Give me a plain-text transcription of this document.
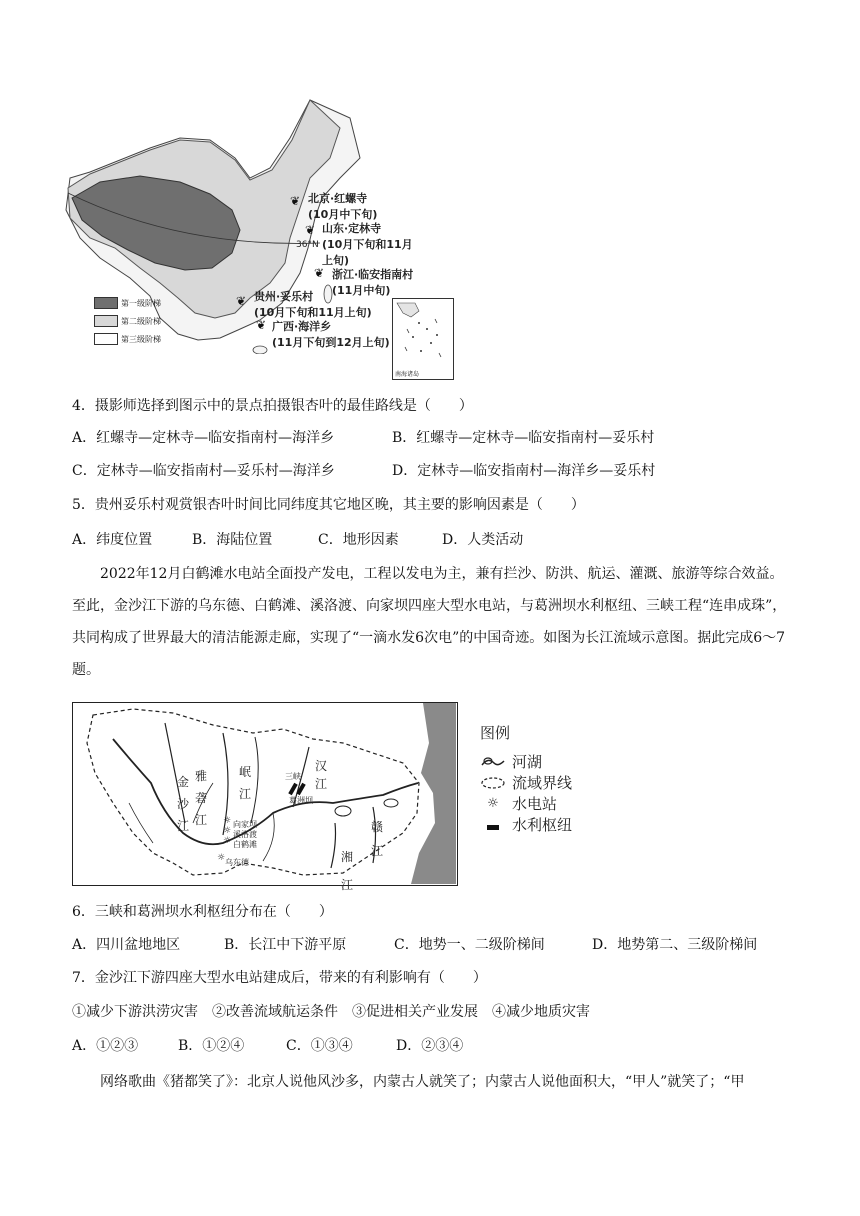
❦
❦
❦
❦
❦
北京·红螺寺
(10月中下旬)
山东·定林寺
(10月下旬和11月上旬)
浙江·临安指南村
(11月中旬)
贵州·妥乐村
(10月下旬和11月上旬)
广西·海洋乡
(11月下旬到12月上旬)
36°N
第一级阶梯
第二级阶梯
第三级阶梯
南海诸岛
4．摄影师选择到图示中的景点拍摄银杏叶的最佳路线是（　　）
A．红螺寺—定林寺—临安指南村—海洋乡	B．红螺寺—定林寺—临安指南村—妥乐村
C．定林寺—临安指南村—妥乐村—海洋乡	D．定林寺—临安指南村—海洋乡—妥乐村
5．贵州妥乐村观赏银杏叶时间比同纬度其它地区晚，其主要的影响因素是（　　）
A．纬度位置	B．海陆位置	C．地形因素	D．人类活动
2022年12月白鹤滩水电站全面投产发电，工程以发电为主，兼有拦沙、防洪、航运、灌溉、旅游等综合效益。至此，金沙江下游的乌东德、白鹤滩、溪洛渡、向家坝四座大型水电站，与葛洲坝水利枢纽、三峡工程“连串成珠”，共同构成了世界最大的清洁能源走廊，实现了“一滴水发6次电”的中国奇迹。如图为长江流域示意图。据此完成6～7题。
金
沙
江
雅
砻
江
岷
江
汉
江
湘
江
赣
江
三峡
葛洲坝
向家坝
溪洛渡
白鹤滩
乌东德
☼
☼
☼
☼
图例
河湖
流域界线
☼ 水电站
水利枢纽
6．三峡和葛洲坝水利枢纽分布在（　　）
A．四川盆地地区	B．长江中下游平原	C．地势一、二级阶梯间	D．地势第二、三级阶梯间
7．金沙江下游四座大型水电站建成后，带来的有利影响有（　　）
①减少下游洪涝灾害　②改善流域航运条件　③促进相关产业发展　④减少地质灾害
A．①②③	B．①②④	C．①③④	D．②③④
网络歌曲《猪都笑了》：北京人说他风沙多，内蒙古人就笑了；内蒙古人说他面积大，“甲人”就笑了；“甲
